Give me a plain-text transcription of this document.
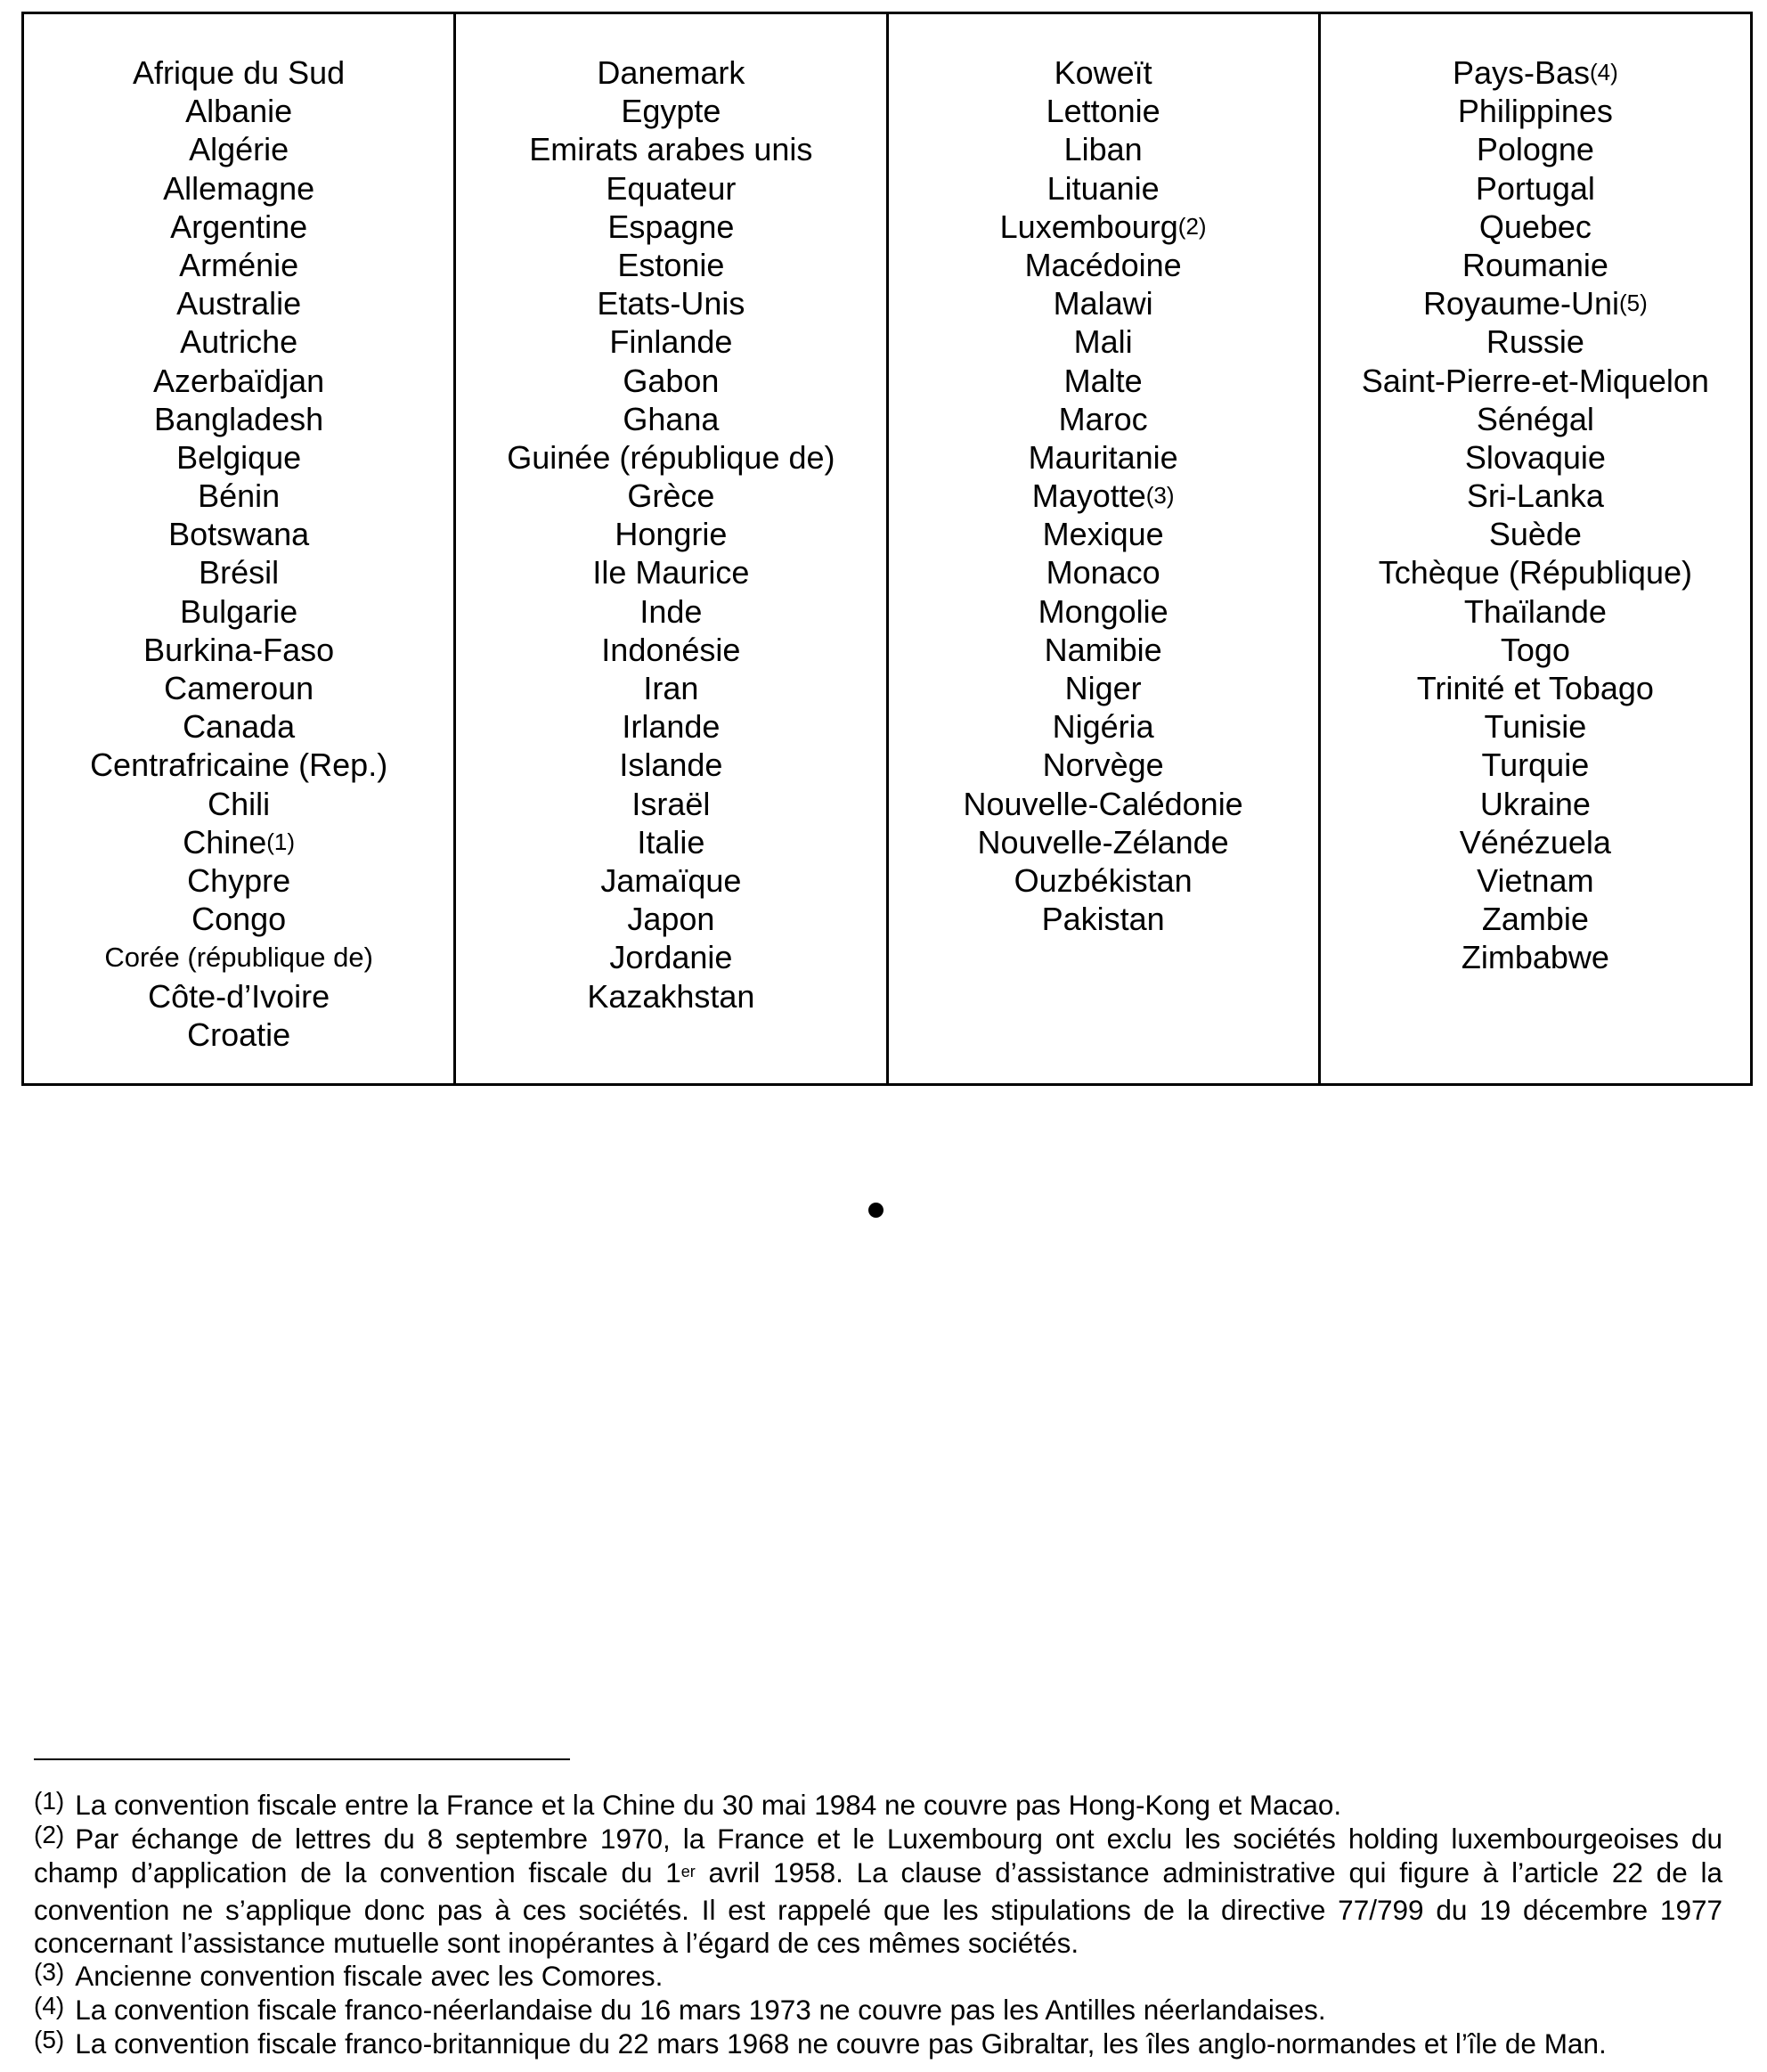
Afrique du Sud
Albanie
Algérie
Allemagne
Argentine
Arménie
Australie
Autriche
Azerbaïdjan
Bangladesh
Belgique
Bénin
Botswana
Brésil
Bulgarie
Burkina-Faso
Cameroun
Canada
Centrafricaine (Rep.)
Chili
Chine$^{(1)}$
Chypre
Congo
Corée (république de)
Côte-d’Ivoire
Croatie
Danemark
Egypte
Emirats arabes unis
Equateur
Espagne
Estonie
Etats-Unis
Finlande
Gabon
Ghana
Guinée (république de)
Grèce
Hongrie
Ile Maurice
Inde
Indonésie
Iran
Irlande
Islande
Israël
Italie
Jamaïque
Japon
Jordanie
Kazakhstan
Koweït
Lettonie
Liban
Lituanie
Luxembourg$^{(2)}$
Macédoine
Malawi
Mali
Malte
Maroc
Mauritanie
Mayotte$^{(3)}$
Mexique
Monaco
Mongolie
Namibie
Niger
Nigéria
Norvège
Nouvelle-Calédonie
Nouvelle-Zélande
Ouzbékistan
Pakistan
Pays-Bas$^{(4)}$
Philippines
Pologne
Portugal
Quebec
Roumanie
Royaume-Uni$^{(5)}$
Russie
Saint-Pierre-et-Miquelon
Sénégal
Slovaquie
Sri-Lanka
Suède
Tchèque (République)
Thaïlande
Togo
Trinité et Tobago
Tunisie
Turquie
Ukraine
Vénézuela
Vietnam
Zambie
Zimbabwe
(1) La convention fiscale entre la France et la Chine du 30 mai 1984 ne couvre pas Hong-Kong et Macao.
(2) Par échange de lettres du 8 septembre 1970, la France et le Luxembourg ont exclu les sociétés holding luxembourgeoises du champ d’application de la convention fiscale du 1er avril 1958. La clause d’assistance administrative qui figure à l’article 22 de la convention ne s’applique donc pas à ces sociétés. Il est rappelé que les stipulations de la directive 77/799 du 19 décembre 1977 concernant l’assistance mutuelle sont inopérantes à l’égard de ces mêmes sociétés.
(3) Ancienne convention fiscale avec les Comores.
(4) La convention fiscale franco-néerlandaise du 16 mars 1973 ne couvre pas les Antilles néerlandaises.
(5) La convention fiscale franco-britannique du 22 mars 1968 ne couvre pas Gibraltar, les îles anglo-normandes et l’île de Man.
